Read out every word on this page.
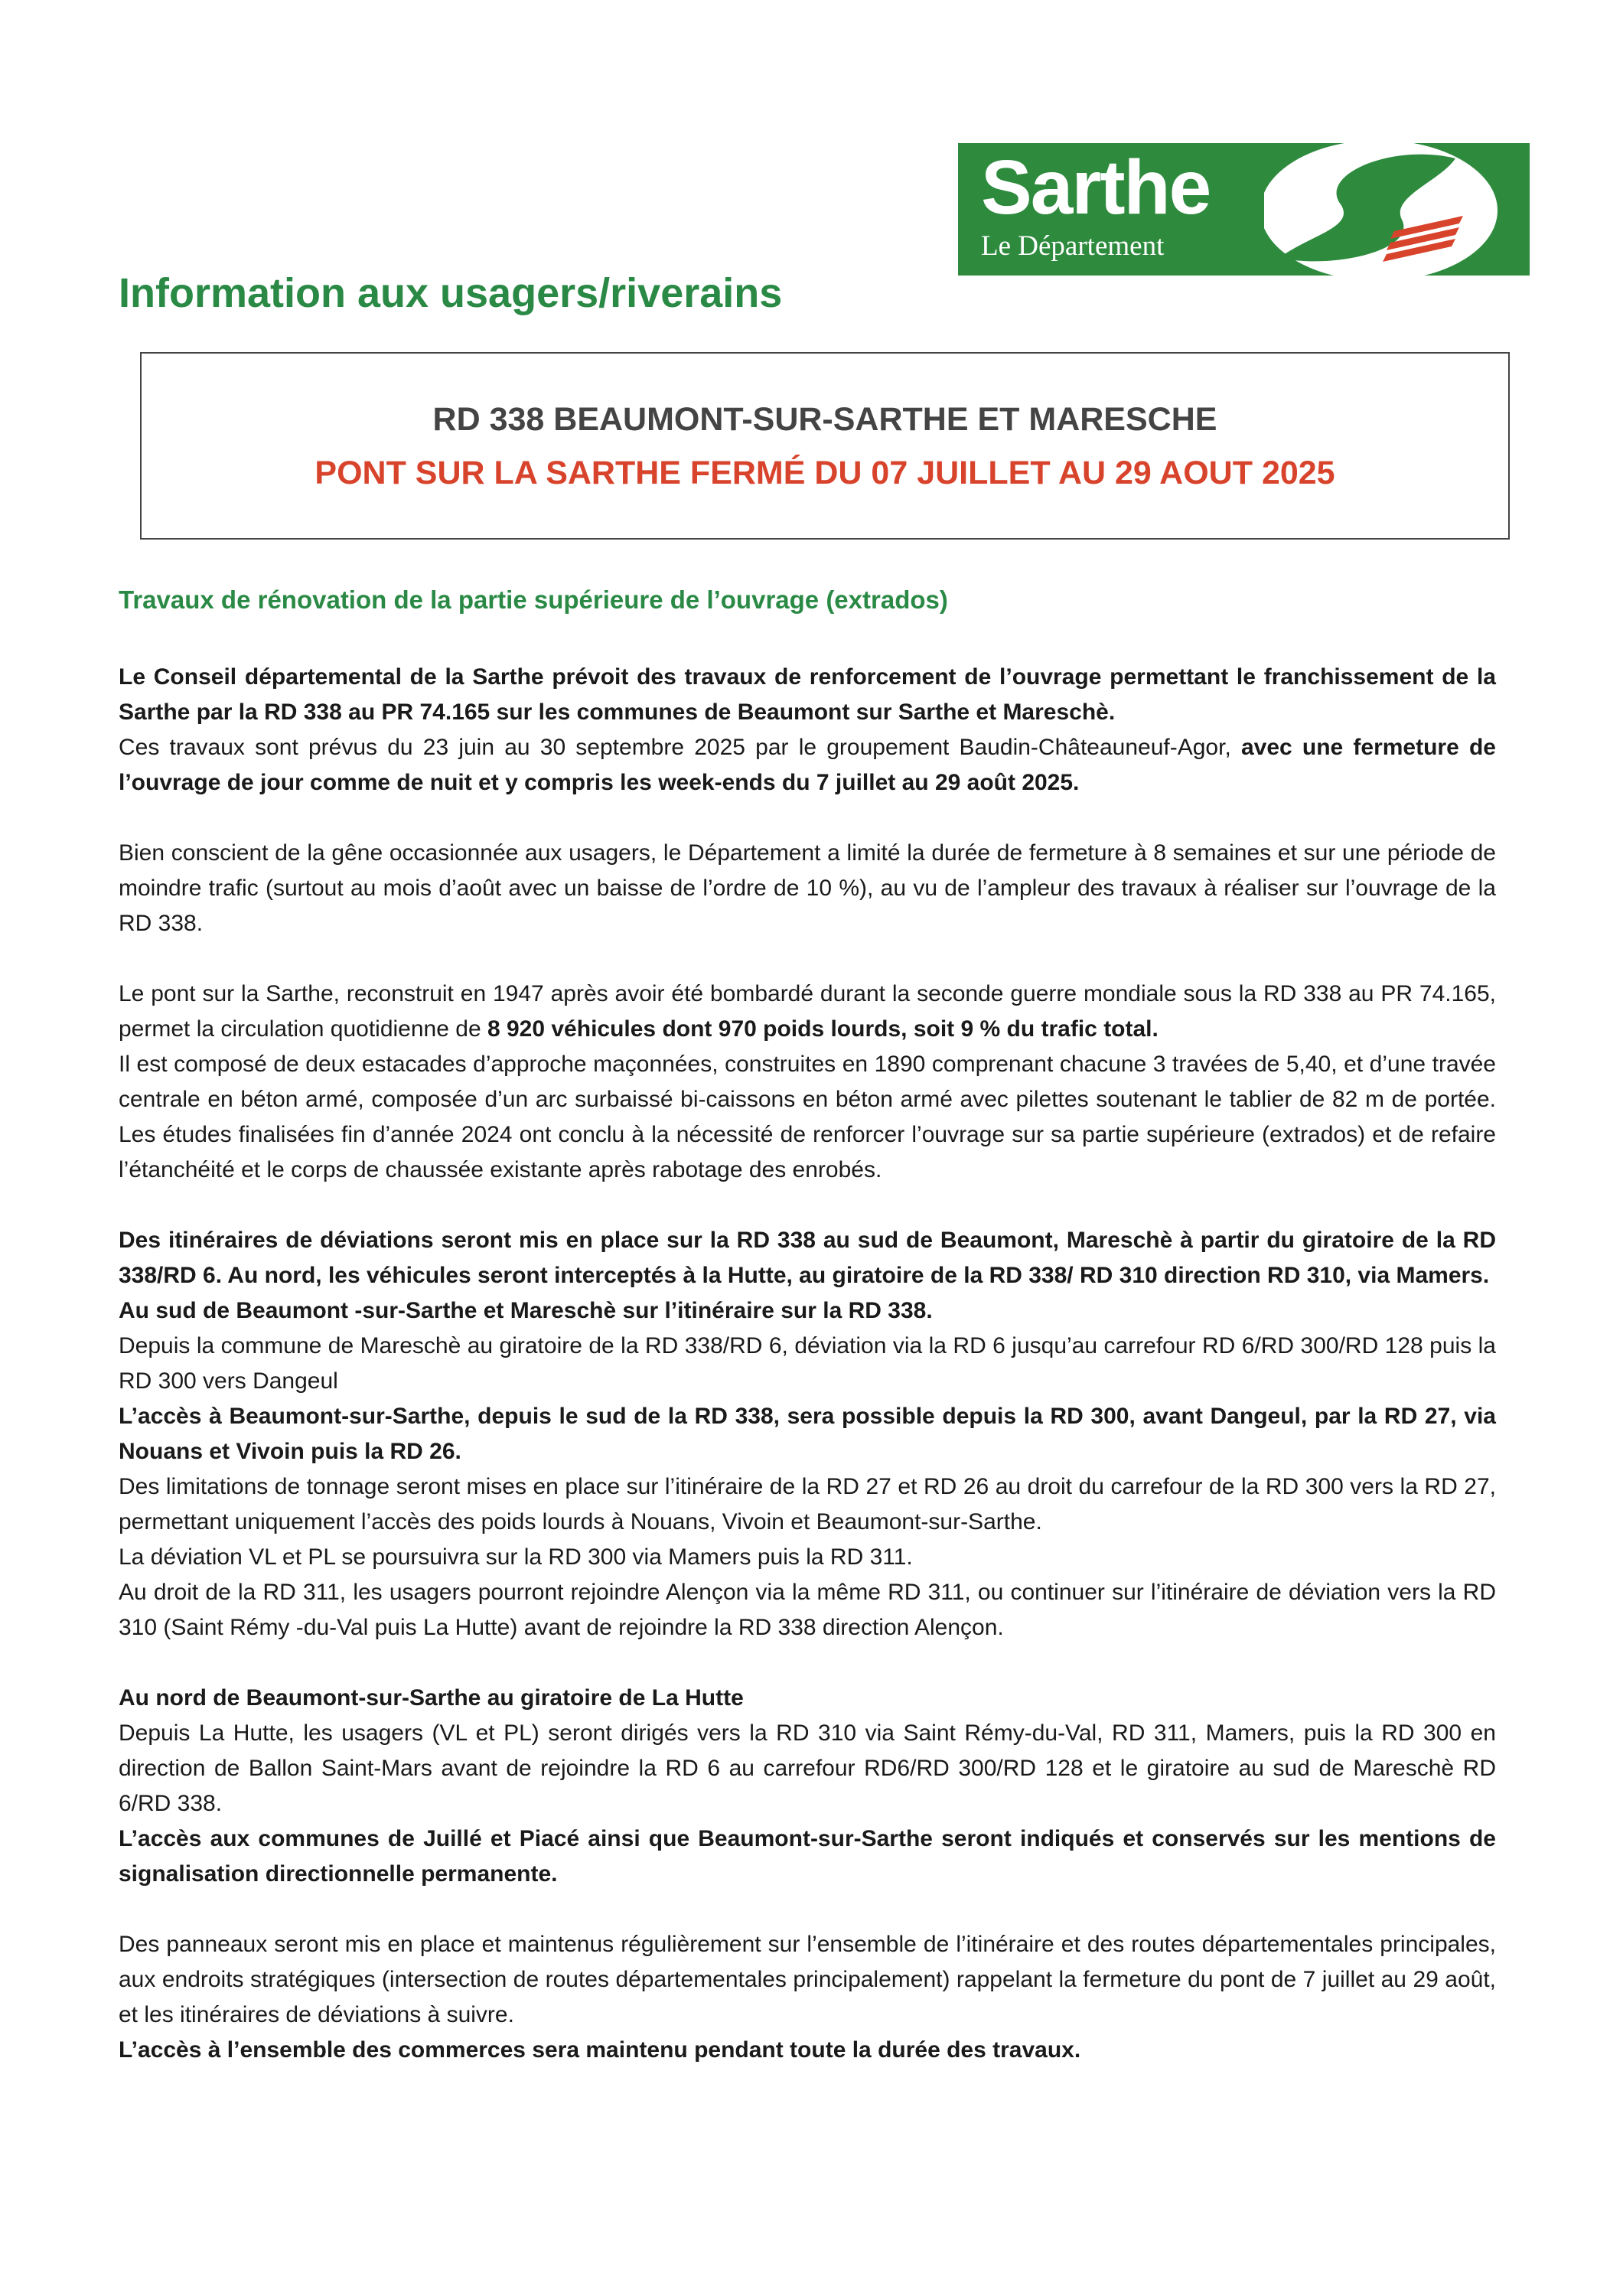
Sarthe
Le Département
Information aux usagers/riverains
RD 338 BEAUMONT-SUR-SARTHE ET MARESCHE
PONT SUR LA SARTHE FERMÉ DU 07 JUILLET AU 29 AOUT 2025
Travaux de rénovation de la partie supérieure de l’ouvrage (extrados)

Le Conseil départemental de la Sarthe prévoit des travaux de renforcement de l’ouvrage permettant le franchissement de la Sarthe par la RD 338 au PR 74.165 sur les communes de Beaumont sur Sarthe et Mareschè.
Ces travaux sont prévus du 23 juin au 30 septembre 2025 par le groupement Baudin-Châteauneuf-Agor, avec une fermeture de l’ouvrage de jour comme de nuit et y compris les week-ends du 7 juillet au 29 août 2025.

Bien conscient de la gêne occasionnée aux usagers, le Département a limité la durée de fermeture à 8 semaines et sur une période de moindre trafic (surtout au mois d’août avec un baisse de l’ordre de 10 %), au vu de l’ampleur des travaux à réaliser sur l’ouvrage de la RD 338.

Le pont sur la Sarthe, reconstruit en 1947 après avoir été bombardé durant la seconde guerre mondiale sous la RD 338 au PR 74.165, permet la circulation quotidienne de 8 920 véhicules dont 970 poids lourds, soit 9 % du trafic total.
Il est composé de deux estacades d’approche maçonnées, construites en 1890 comprenant chacune 3 travées de 5,40, et d’une travée centrale en béton armé, composée d’un arc surbaissé bi-caissons en béton armé avec pilettes soutenant le tablier de 82 m de portée. Les études finalisées fin d’année 2024 ont conclu à la nécessité de renforcer l’ouvrage sur sa partie supérieure (extrados) et de refaire l’étanchéité et le corps de chaussée existante après rabotage des enrobés.

Des itinéraires de déviations seront mis en place sur la RD 338 au sud de Beaumont, Mareschè à partir du giratoire de la RD 338/RD 6. Au nord, les véhicules seront interceptés à la Hutte, au giratoire de la RD 338/ RD 310 direction RD 310, via Mamers.
Au sud de Beaumont -sur-Sarthe et Mareschè sur l’itinéraire sur la RD 338.
Depuis la commune de Mareschè au giratoire de la RD 338/RD 6, déviation via la RD 6 jusqu’au carrefour RD 6/RD 300/RD 128 puis la RD 300 vers Dangeul
L’accès à Beaumont-sur-Sarthe, depuis le sud de la RD 338, sera possible depuis la RD 300, avant Dangeul, par la RD 27, via Nouans et Vivoin puis la RD 26.
Des limitations de tonnage seront mises en place sur l’itinéraire de la RD 27 et RD 26 au droit du carrefour de la RD 300 vers la RD 27, permettant uniquement l’accès des poids lourds à Nouans, Vivoin et Beaumont-sur-Sarthe.
La déviation VL et PL se poursuivra sur la RD 300 via Mamers puis la RD 311.
Au droit de la RD 311, les usagers pourront rejoindre Alençon via la même RD 311, ou continuer sur l’itinéraire de déviation vers la RD 310 (Saint Rémy -du-Val puis La Hutte) avant de rejoindre la RD 338 direction Alençon.

Au nord de Beaumont-sur-Sarthe au giratoire de La Hutte
Depuis La Hutte, les usagers (VL et PL) seront dirigés vers la RD 310 via Saint Rémy-du-Val, RD 311, Mamers, puis la RD 300 en direction de Ballon Saint-Mars avant de rejoindre la RD 6 au carrefour RD6/RD 300/RD 128 et le giratoire au sud de Mareschè RD 6/RD 338.
L’accès aux communes de Juillé et Piacé ainsi que Beaumont-sur-Sarthe seront indiqués et conservés sur les mentions de signalisation directionnelle permanente.

Des panneaux seront mis en place et maintenus régulièrement sur l’ensemble de l’itinéraire et des routes départementales principales, aux endroits stratégiques (intersection de routes départementales principalement) rappelant la fermeture du pont de 7 juillet au 29 août, et les itinéraires de déviations à suivre.
L’accès à l’ensemble des commerces sera maintenu pendant toute la durée des travaux.
